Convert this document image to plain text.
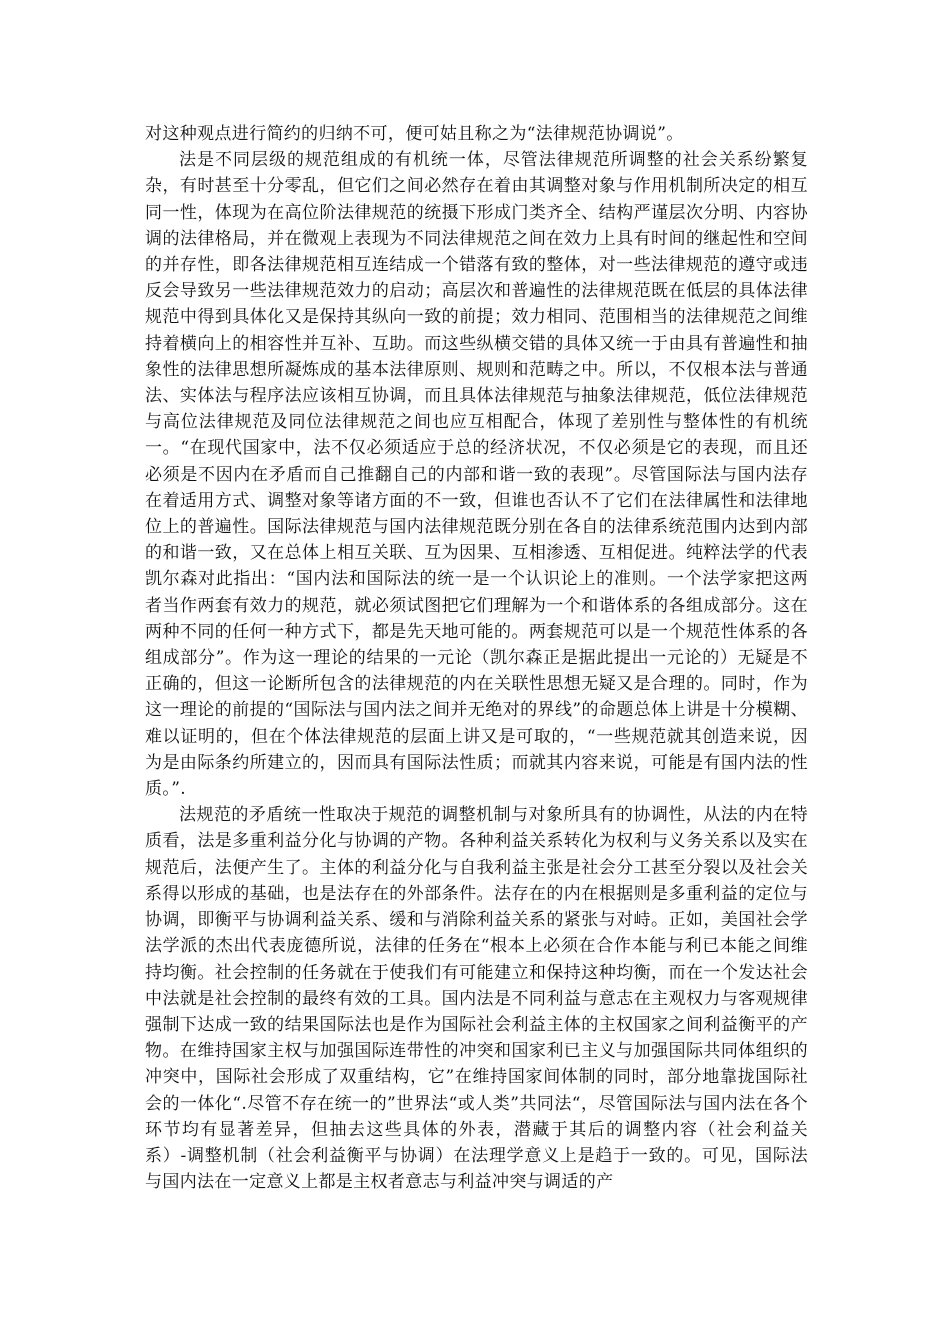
对这种观点进行简约的归纳不可，便可姑且称之为“法律规范协调说”。

法是不同层级的规范组成的有机统一体，尽管法律规范所调整的社会关系纷繁复杂，有时甚至十分零乱，但它们之间必然存在着由其调整对象与作用机制所决定的相互同一性，体现为在高位阶法律规范的统摄下形成门类齐全、结构严谨层次分明、内容协调的法律格局，并在微观上表现为不同法律规范之间在效力上具有时间的继起性和空间的并存性，即各法律规范相互连结成一个错落有致的整体，对一些法律规范的遵守或违反会导致另一些法律规范效力的启动；高层次和普遍性的法律规范既在低层的具体法律规范中得到具体化又是保持其纵向一致的前提；效力相同、范围相当的法律规范之间维持着横向上的相容性并互补、互助。而这些纵横交错的具体又统一于由具有普遍性和抽象性的法律思想所凝炼成的基本法律原则、规则和范畴之中。所以，不仅根本法与普通法、实体法与程序法应该相互协调，而且具体法律规范与抽象法律规范，低位法律规范与高位法律规范及同位法律规范之间也应互相配合，体现了差别性与整体性的有机统一。“在现代国家中，法不仅必须适应于总的经济状况，不仅必须是它的表现，而且还必须是不因内在矛盾而自己推翻自己的内部和谐一致的表现”。尽管国际法与国内法存在着适用方式、调整对象等诸方面的不一致，但谁也否认不了它们在法律属性和法律地位上的普遍性。国际法律规范与国内法律规范既分别在各自的法律系统范围内达到内部的和谐一致，又在总体上相互关联、互为因果、互相渗透、互相促进。纯粹法学的代表凯尔森对此指出：“国内法和国际法的统一是一个认识论上的准则。一个法学家把这两者当作两套有效力的规范，就必须试图把它们理解为一个和谐体系的各组成部分。这在两种不同的任何一种方式下，都是先天地可能的。两套规范可以是一个规范性体系的各组成部分”。作为这一理论的结果的一元论（凯尔森正是据此提出一元论的）无疑是不正确的，但这一论断所包含的法律规范的内在关联性思想无疑又是合理的。同时，作为这一理论的前提的“国际法与国内法之间并无绝对的界线”的命题总体上讲是十分模糊、难以证明的，但在个体法律规范的层面上讲又是可取的，“一些规范就其创造来说，因为是由际条约所建立的，因而具有国际法性质；而就其内容来说，可能是有国内法的性质。”.

法规范的矛盾统一性取决于规范的调整机制与对象所具有的协调性，从法的内在特质看，法是多重利益分化与协调的产物。各种利益关系转化为权利与义务关系以及实在规范后，法便产生了。主体的利益分化与自我利益主张是社会分工甚至分裂以及社会关系得以形成的基础，也是法存在的外部条件。法存在的内在根据则是多重利益的定位与协调，即衡平与协调利益关系、缓和与消除利益关系的紧张与对峙。正如，美国社会学法学派的杰出代表庞德所说，法律的任务在“根本上必须在合作本能与利已本能之间维持均衡。社会控制的任务就在于使我们有可能建立和保持这种均衡，而在一个发达社会中法就是社会控制的最终有效的工具。国内法是不同利益与意志在主观权力与客观规律强制下达成一致的结果国际法也是作为国际社会利益主体的主权国家之间利益衡平的产物。在维持国家主权与加强国际连带性的冲突和国家利已主义与加强国际共同体组织的冲突中，国际社会形成了双重结构，它”在维持国家间体制的同时，部分地靠拢国际社会的一体化“.尽管不存在统一的”世界法“或人类”共同法“，尽管国际法与国内法在各个环节均有显著差异，但抽去这些具体的外表，潜藏于其后的调整内容（社会利益关系）-调整机制（社会利益衡平与协调）在法理学意义上是趋于一致的。可见，国际法与国内法在一定意义上都是主权者意志与利益冲突与调适的产
